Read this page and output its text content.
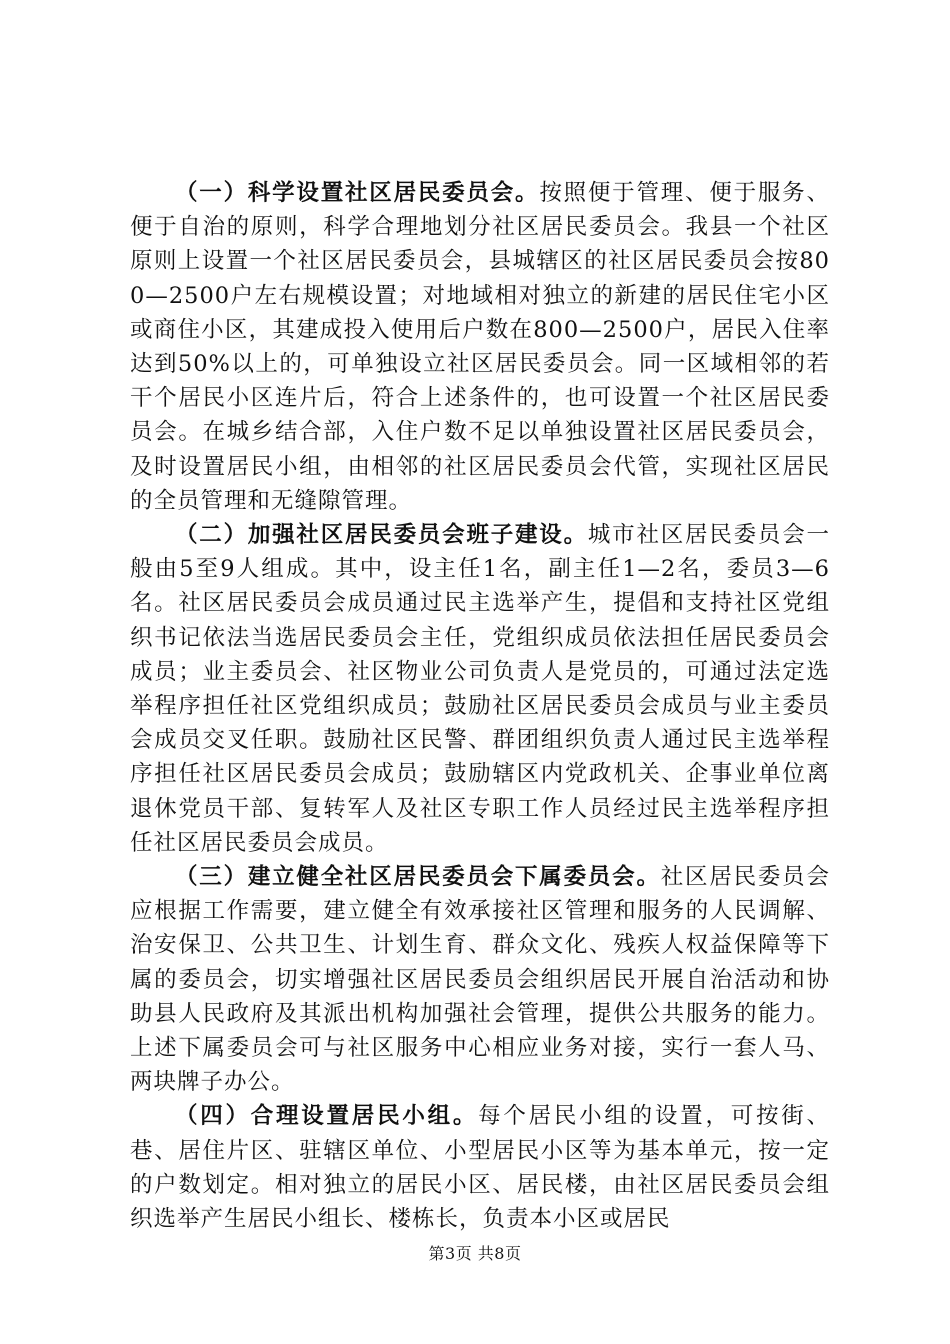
（一）科学设置社区居民委员会。按照便于管理、便于服务、便于自治的原则，科学合理地划分社区居民委员会。我县一个社区原则上设置一个社区居民委员会，县城辖区的社区居民委员会按800—2500户左右规模设置；对地域相对独立的新建的居民住宅小区或商住小区，其建成投入使用后户数在800—2500户，居民入住率达到50%以上的，可单独设立社区居民委员会。同一区域相邻的若干个居民小区连片后，符合上述条件的，也可设置一个社区居民委员会。在城乡结合部，入住户数不足以单独设置社区居民委员会，及时设置居民小组，由相邻的社区居民委员会代管，实现社区居民的全员管理和无缝隙管理。

（二）加强社区居民委员会班子建设。城市社区居民委员会一般由5至9人组成。其中，设主任1名，副主任1—2名，委员3—6名。社区居民委员会成员通过民主选举产生，提倡和支持社区党组织书记依法当选居民委员会主任，党组织成员依法担任居民委员会成员；业主委员会、社区物业公司负责人是党员的，可通过法定选举程序担任社区党组织成员；鼓励社区居民委员会成员与业主委员会成员交叉任职。鼓励社区民警、群团组织负责人通过民主选举程序担任社区居民委员会成员；鼓励辖区内党政机关、企事业单位离退休党员干部、复转军人及社区专职工作人员经过民主选举程序担任社区居民委员会成员。

（三）建立健全社区居民委员会下属委员会。社区居民委员会应根据工作需要，建立健全有效承接社区管理和服务的人民调解、治安保卫、公共卫生、计划生育、群众文化、残疾人权益保障等下属的委员会，切实增强社区居民委员会组织居民开展自治活动和协助县人民政府及其派出机构加强社会管理，提供公共服务的能力。上述下属委员会可与社区服务中心相应业务对接，实行一套人马、两块牌子办公。

（四）合理设置居民小组。每个居民小组的设置，可按街、巷、居住片区、驻辖区单位、小型居民小区等为基本单元，按一定的户数划定。相对独立的居民小区、居民楼，由社区居民委员会组织选举产生居民小组长、楼栋长，负责本小区或居民

第3页 共8页
